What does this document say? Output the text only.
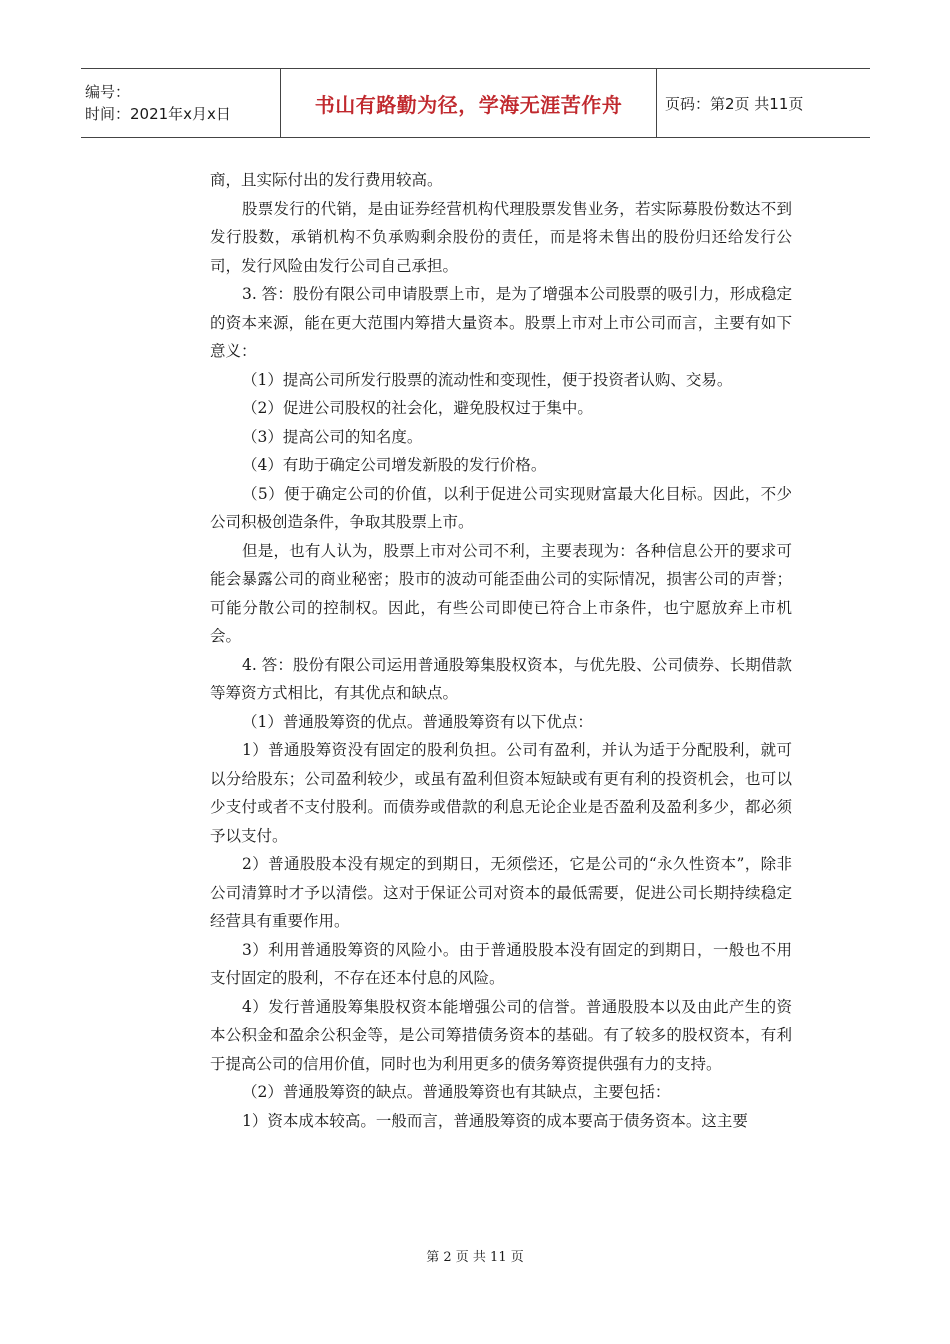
编号：
时间：2021年x月x日	书山有路勤为径，学海无涯苦作舟	页码：第2页 共11页

商，且实际付出的发行费用较高。

股票发行的代销，是由证券经营机构代理股票发售业务，若实际募股份数达不到发行股数，承销机构不负承购剩余股份的责任，而是将未售出的股份归还给发行公司，发行风险由发行公司自己承担。

3. 答：股份有限公司申请股票上市，是为了增强本公司股票的吸引力，形成稳定的资本来源，能在更大范围内筹措大量资本。股票上市对上市公司而言，主要有如下意义：

（1）提高公司所发行股票的流动性和变现性，便于投资者认购、交易。

（2）促进公司股权的社会化，避免股权过于集中。

（3）提高公司的知名度。

（4）有助于确定公司增发新股的发行价格。

（5）便于确定公司的价值，以利于促进公司实现财富最大化目标。因此，不少公司积极创造条件，争取其股票上市。

但是，也有人认为，股票上市对公司不利，主要表现为：各种信息公开的要求可能会暴露公司的商业秘密；股市的波动可能歪曲公司的实际情况，损害公司的声誉；可能分散公司的控制权。因此，有些公司即使已符合上市条件，也宁愿放弃上市机会。

4. 答：股份有限公司运用普通股筹集股权资本，与优先股、公司债券、长期借款等筹资方式相比，有其优点和缺点。

（1）普通股筹资的优点。普通股筹资有以下优点：

1）普通股筹资没有固定的股利负担。公司有盈利，并认为适于分配股利，就可以分给股东；公司盈利较少，或虽有盈利但资本短缺或有更有利的投资机会，也可以少支付或者不支付股利。而债券或借款的利息无论企业是否盈利及盈利多少，都必须予以支付。

2）普通股股本没有规定的到期日，无须偿还，它是公司的“永久性资本”，除非公司清算时才予以清偿。这对于保证公司对资本的最低需要，促进公司长期持续稳定经营具有重要作用。

3）利用普通股筹资的风险小。由于普通股股本没有固定的到期日，一般也不用支付固定的股利，不存在还本付息的风险。

4）发行普通股筹集股权资本能增强公司的信誉。普通股股本以及由此产生的资本公积金和盈余公积金等，是公司筹措债务资本的基础。有了较多的股权资本，有利于提高公司的信用价值，同时也为利用更多的债务筹资提供强有力的支持。

（2）普通股筹资的缺点。普通股筹资也有其缺点，主要包括：

1）资本成本较高。一般而言，普通股筹资的成本要高于债务资本。这主要

第 2 页 共 11 页
